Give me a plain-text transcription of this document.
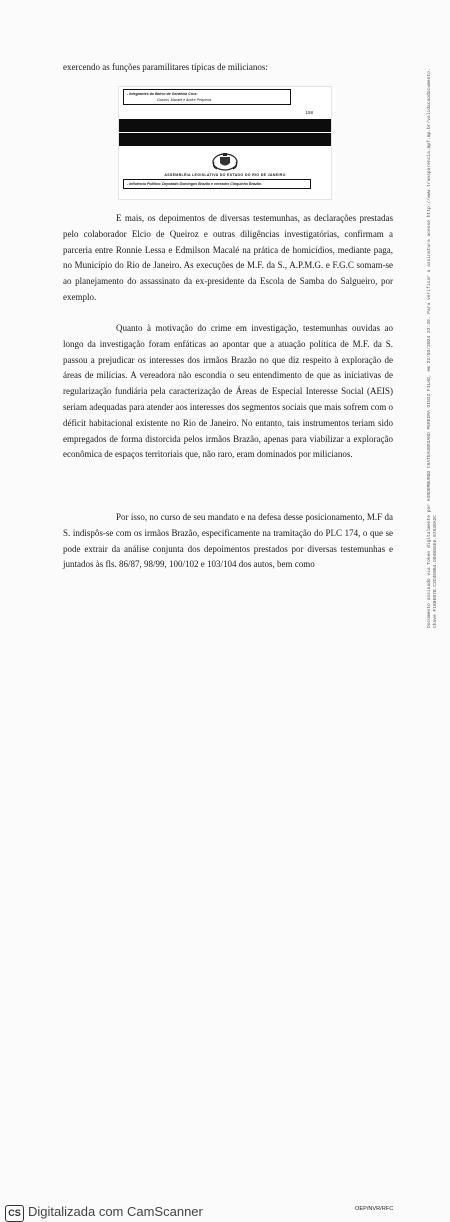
exercendo as funções paramilitares típicas de milicianos:
- Integrantes do Bairro de Gardênia Cruz:
Gaston, Macalé e André Pequena.
158
ASSEMBLÉIA LEGISLATIVA DO ESTADO DO RIO DE JANEIRO
- Influência Política: Deputado Domingos Brazão e vereador Chiquinho Brazão.

E mais, os depoimentos de diversas testemunhas, as declarações prestadas pelo colaborador Elcio de Queiroz e outras diligências investigatórias, confirmam a parceria entre Ronnie Lessa e Edmilson Macalé na prática de homicídios, mediante paga, no Município do Rio de Janeiro. As execuções de M.F. da S., A.P.M.G. e F.G.C somam-se ao planejamento do assassinato da ex-presidente da Escola de Samba do Salgueiro, por exemplo.

Quanto à motivação do crime em investigação, testemunhas ouvidas ao longo da investigação foram enfáticas ao apontar que a atuação política de M.F. da S. passou a prejudicar os interesses dos irmãos Brazão no que diz respeito à exploração de áreas de milícias. A vereadora não escondia o seu entendimento de que as iniciativas de regularização fundiária pela caracterização de Áreas de Especial Interesse Social (AEIS) seriam adequadas para atender aos interesses dos segmentos sociais que mais sofrem com o déficit habitacional existente no Rio de Janeiro. No entanto, tais instrumentos teriam sido empregados de forma distorcida pelos irmãos Brazão, apenas para viabilizar a exploração econômica de espaços territoriais que, não raro, eram dominados por milicianos.

Por isso, no curso de seu mandato e na defesa desse posicionamento, M.F da S. indispôs-se com os irmãos Brazão, especificamente na tramitação do PLC 174, o que se pode extrair da análise conjunta dos depoimentos prestados por diversas testemunhas e juntados às fls. 86/87, 98/99, 100/102 e 103/104 dos autos, bem como	Documento assinado via Token digitalmente por HINDEMBURGO CHATEAUBRIAND PEREIRA DINIZ FILHO, em 22/03/2024 22:49. Para verificar a assinatura acesse http://www.transparencia.mpf.mp.br/validacaodocumento. Chave F1B0E07B.C2D4E0B4.D04B65E6.87538A2C
CS Digitalizada com CamScanner	OEP/NVR/RFC
